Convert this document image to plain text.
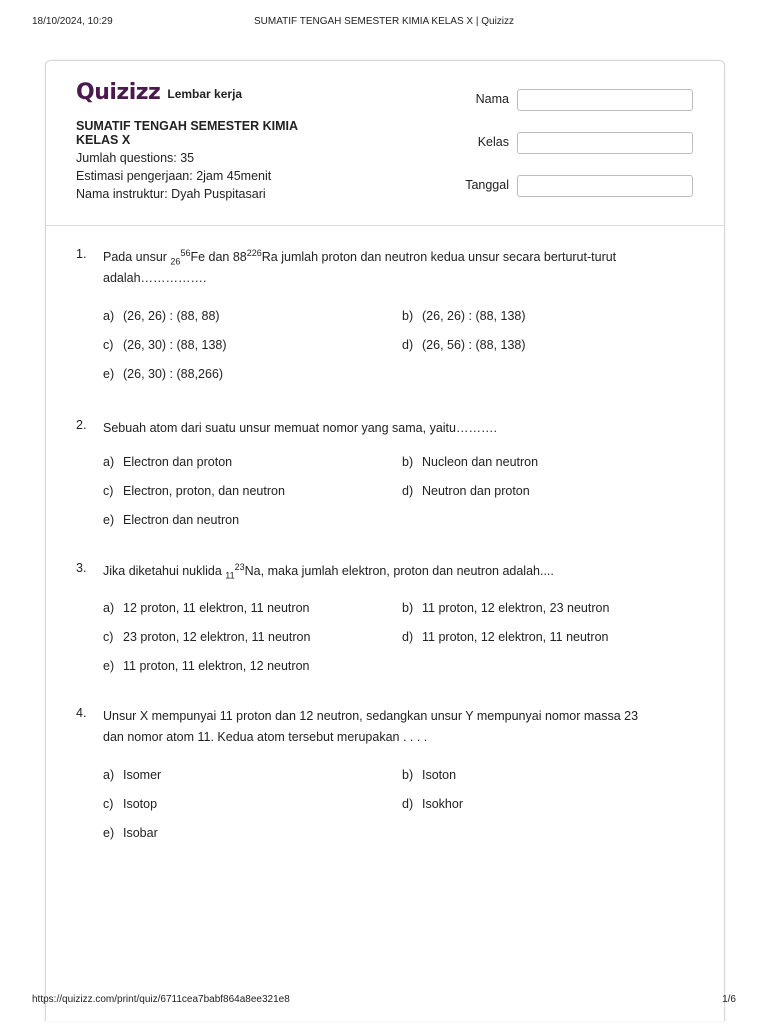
18/10/2024, 10:29	SUMATIF TENGAH SEMESTER KIMIA KELAS X | Quizizz
Quizizz Lembar kerja
SUMATIF TENGAH SEMESTER KIMIA KELAS X
Jumlah questions: 35
Estimasi pengerjaan: 2jam 45menit
Nama instruktur: Dyah Puspitasari
Nama
Kelas
Tanggal
1. Pada unsur $_{26}^{56}$Fe dan $88^{226}Ra$ jumlah proton dan neutron kedua unsur secara berturut-turut
adalah…………….
a) (26, 26) : (88, 88)	b) (26, 26) : (88, 138)
c) (26, 30) : (88, 138)	d) (26, 56) : (88, 138)
e) (26, 30) : (88,266)
2. Sebuah atom dari suatu unsur memuat nomor yang sama, yaitu……….
a) Electron dan proton	b) Nucleon dan neutron
c) Electron, proton, dan neutron	d) Neutron dan proton
e) Electron dan neutron
3. Jika diketahui nuklida $_{11}^{23}$Na, maka jumlah elektron, proton dan neutron adalah....
a) 12 proton, 11 elektron, 11 neutron	b) 11 proton, 12 elektron, 23 neutron
c) 23 proton, 12 elektron, 11 neutron	d) 11 proton, 12 elektron, 11 neutron
e) 11 proton, 11 elektron, 12 neutron
4. Unsur X mempunyai 11 proton dan 12 neutron, sedangkan unsur Y mempunyai nomor massa 23
dan nomor atom 11. Kedua atom tersebut merupakan . . . .
a) Isomer	b) Isoton
c) Isotop	d) Isokhor
e) Isobar
https://quizizz.com/print/quiz/6711cea7babf864a8ee321e8	1/6
